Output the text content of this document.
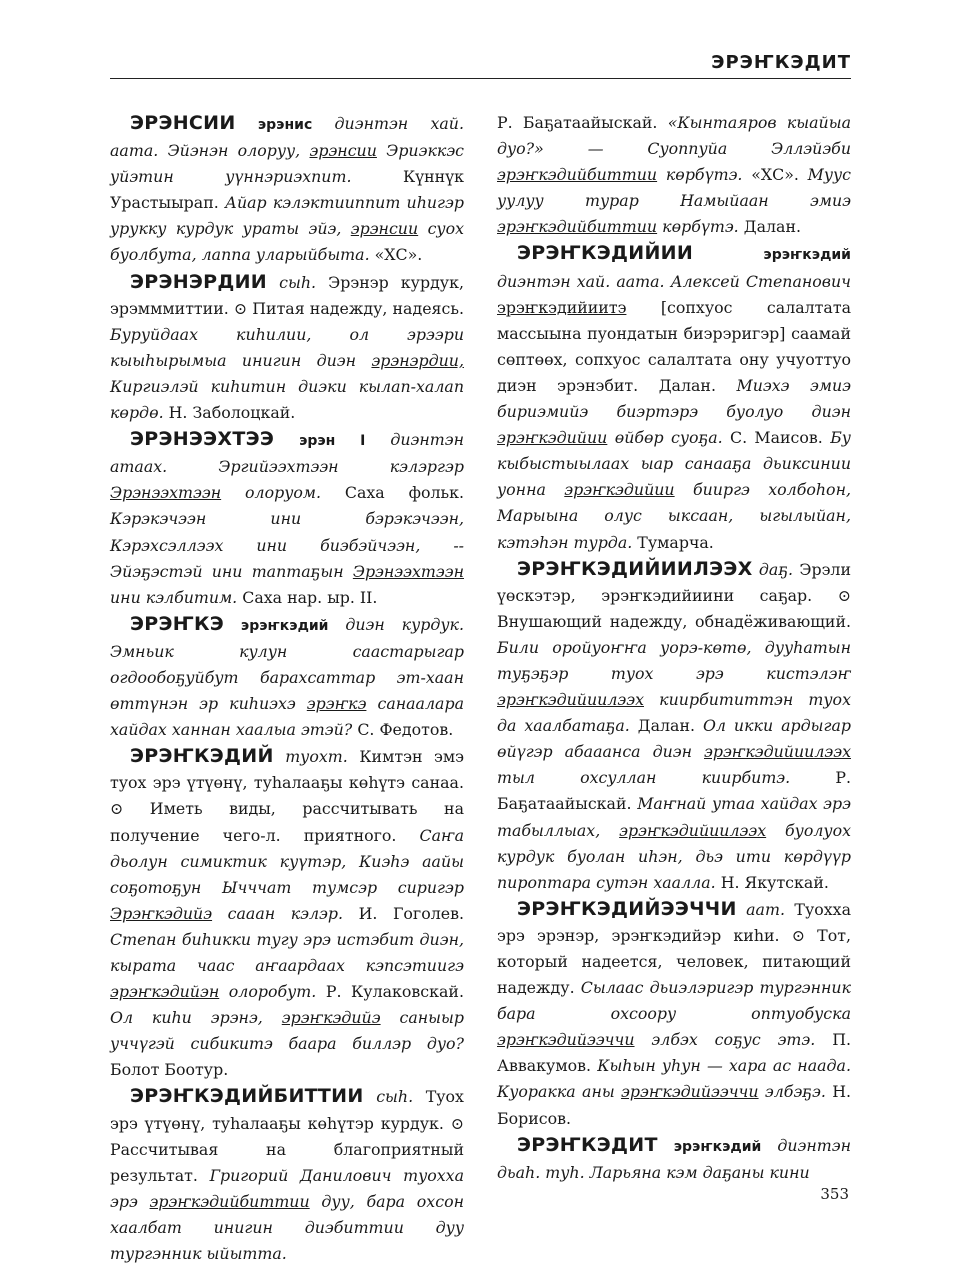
ЭРЭҤКЭДИТ

ЭРЭНСИИ эрэнис диэнтэн хай. аата. Эйэнэн олоруу, эрэнсии Эриэккэс уйэтин уүннэриэхпит.	Күннүк Урастыырап. Айар кэлэктииппит иһигэр урукку курдук ураты эйэ, эрэнсии суох буолбута, лаппа уларыйбыта. «ХС».

ЭРЭНЭРДИИ сыһ. Эрэнэр курдук, эрэмммиттии. ⊙ Питая надежду, надеясь. Буруйдаах киһилии, ол эрээри кыыһырымыа инигин диэн эрэнэрдии, Киргиэлэй киһитин диэки кылап-халап көрдө. Н. Заболоцкай.

ЭРЭНЭЭХТЭЭ эрэн I диэнтэн атаах.	Эргийээхтээн кэлэргэр Эрэнээхтээн олоруом. Саха фольк. Кэрэкэчээн ини бэрэкэчээн, Кэрэхсэллээх ини биэбэйчээн, -- Эйэҕэстэй ини таптаҕын Эрэнээхтээн ини кэлбитим. Саха нар. ыр. II.

ЭРЭҤКЭ эрэҥкэдий диэн курдук. Эмньик кулун саастарыгар огдообоҕуйбут барахсаттар эт-хаан өттүнэн эр киһиэхэ эрэҥкэ санаалара хайдах ханнан хаалыа этэй? С. Федотов.

ЭРЭҤКЭДИЙ туохт. Кимтэн эмэ туох эрэ үтүөнү, туһалааҕы көһүтэ санаа. ⊙ Иметь виды, рассчитывать на получение чего-л. приятного. Саҥа дьолун симиктик куүтэр, Киэһэ аайы соҕотоҕун Ычччат тумсэр сиригэр Эрэҥкэдийэ сааан кэлэр. И. Гоголев. Степан биһикки тугу эрэ истэбит диэн, кырата чаас аҥаардаах кэпсэтиигэ эрэҥкэдийэн олоробут. Р. Кулаковскай. Ол киһи эрэнэ, эрэҥкэдийэ саныыр уччүгэй сибикитэ баара биллэр дуо? Болот Боотур.

ЭРЭҤКЭДИЙБИТТИИ сыһ. Туох эрэ үтүөнү, туһалааҕы көһүтэр курдук. ⊙ Рассчитывая на благоприятный результат. Григорий Данилович туохха эрэ эрэҥкэдийбиттии дуу, бара охсон хаалбат инигин диэбиттии дуу тургэнник ыйытта.

Р. Баҕатаайыскай. «Кынтаяров кыайыа дуо?» — Суоппуйа Эллэйэби эрэҥкэдийбиттии көрбүтэ. «ХС». Муус уулуу турар Намыйаан эмиэ эрэҥкэдийбиттии көрбүтэ. Далан.

ЭРЭҤКЭДИЙИИ	эрэҥкэдий диэнтэн хай. аата. Алексей Степанович эрэҥкэдийиитэ [сопхуос салалтата массыына пуондатын биэрэригэр] саамай сөптөөх, сопхуос салалтата ону учуоттуо диэн эрэнэбит. Далан. Миэхэ эмиэ бириэмийэ биэртэрэ буолуо диэн эрэҥкэдийии өйбөр суоҕа. С. Маисов. Бу кыбыстыылаах ыар санааҕа дьиксинии уонна эрэҥкэдийии бииргэ холбоһон, Марыына олус ыксаан, ыгылыйан, кэтэһэн турда. Тумарча.

ЭРЭҤКЭДИЙИИЛЭЭХ даҕ. Эрэли үөскэтэр, эрэҥкэдийиини саҕар. ⊙ Внушающий надежду, обнадёживающий. Били оройуоҥҥа уорэ-көтө, дууһатын туҕэҕэр туох эрэ кистэлэҥ эрэҥкэдийиилээх киирбититтэн туох да хаалбатаҕа. Далан. Ол икки ардыгар өйүгэр абааанса диэн эрэҥкэдийиилээх тыл охсуллан киирбитэ.	Р. Баҕатаайыскай. Маҥнай утаа хайдах эрэ табыллыах, эрэҥкэдийиилээх буолуох курдук буолан иһэн, дьэ ити көрдүүр пироптара сутэн хаалла. Н. Якутскай.

ЭРЭҤКЭДИЙЭЭЧЧИ аат. Туохха эрэ эрэнэр, эрэҥкэдийэр киһи. ⊙ Тот, который надеется, человек, питающий надежду. Сылаас дьиэлэригэр тургэнник бара охсоору оптуобуска эрэҥкэдийээччи элбэх соҕус этэ. П. Аввакумов. Кыһын уһун — хара ас наада. Куоракка аны эрэҥкэдийээччи элбэҕэ. Н. Борисов.

ЭРЭҤКЭДИТ эрэҥкэдий диэнтэн дьаһ. туһ. Ларьяна кэм даҕаны кини

353
